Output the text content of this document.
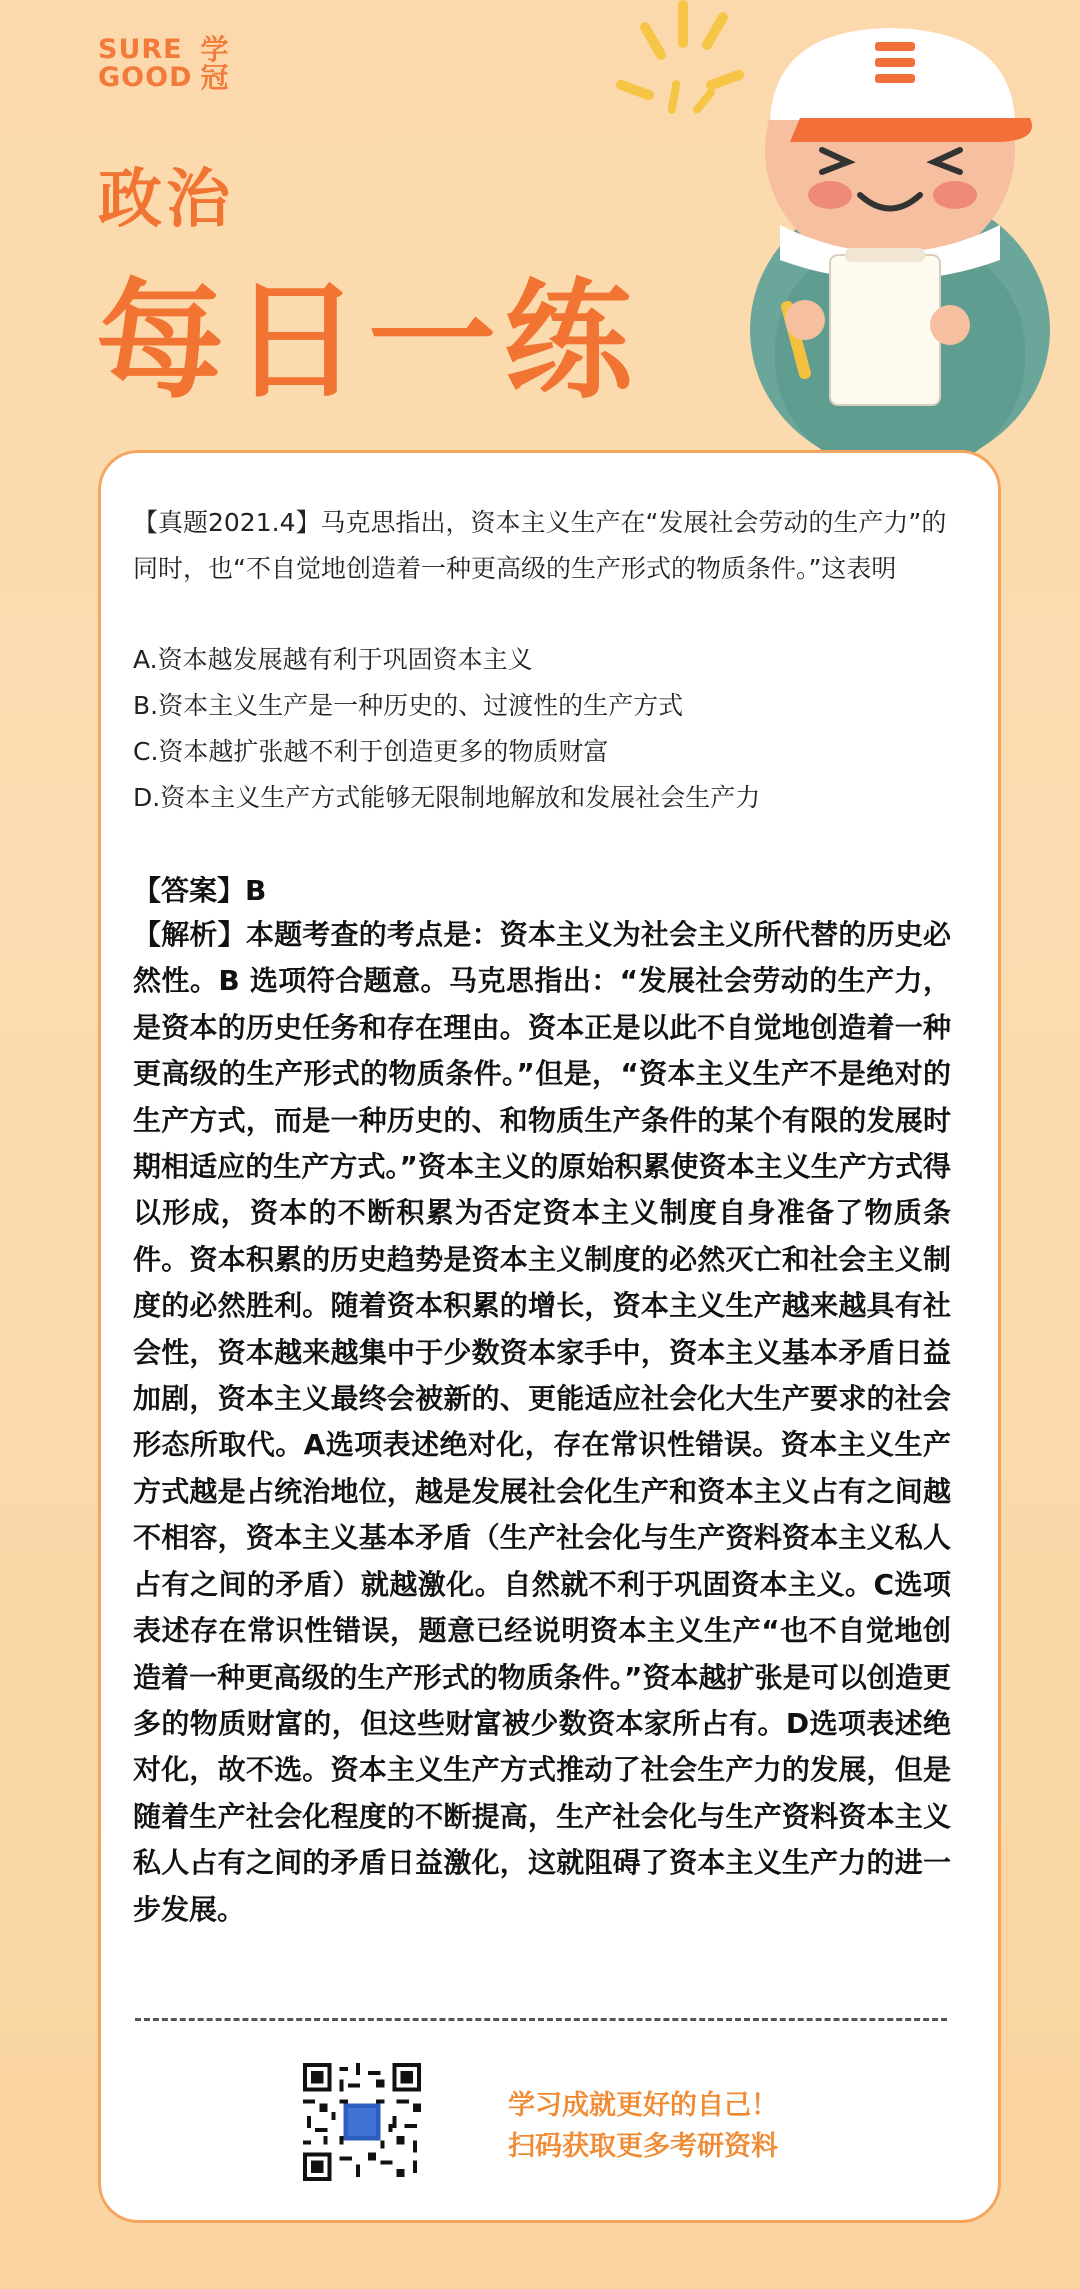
SURE
GOOD
学
冠
政治
每日一练
【真题2021.4】马克思指出，资本主义生产在“发展社会劳动的生产力”的同时，也“不自觉地创造着一种更高级的生产形式的物质条件。”这表明
A.资本越发展越有利于巩固资本主义
B.资本主义生产是一种历史的、过渡性的生产方式
C.资本越扩张越不利于创造更多的物质财富
D.资本主义生产方式能够无限制地解放和发展社会生产力
【答案】B
【解析】本题考查的考点是：资本主义为社会主义所代替的历史必然性。B 选项符合题意。马克思指出：“发展社会劳动的生产力，是资本的历史任务和存在理由。资本正是以此不自觉地创造着一种更高级的生产形式的物质条件。”但是，“资本主义生产不是绝对的生产方式，而是一种历史的、和物质生产条件的某个有限的发展时期相适应的生产方式。”资本主义的原始积累使资本主义生产方式得以形成，资本的不断积累为否定资本主义制度自身准备了物质条件。资本积累的历史趋势是资本主义制度的必然灭亡和社会主义制度的必然胜利。随着资本积累的增长，资本主义生产越来越具有社会性，资本越来越集中于少数资本家手中，资本主义基本矛盾日益加剧，资本主义最终会被新的、更能适应社会化大生产要求的社会形态所取代。A选项表述绝对化，存在常识性错误。资本主义生产方式越是占统治地位，越是发展社会化生产和资本主义占有之间越不相容，资本主义基本矛盾（生产社会化与生产资料资本主义私人占有之间的矛盾）就越激化。自然就不利于巩固资本主义。C选项表述存在常识性错误，题意已经说明资本主义生产“也不自觉地创造着一种更高级的生产形式的物质条件。”资本越扩张是可以创造更多的物质财富的，但这些财富被少数资本家所占有。D选项表述绝对化，故不选。资本主义生产方式推动了社会生产力的发展，但是随着生产社会化程度的不断提高，生产社会化与生产资料资本主义私人占有之间的矛盾日益激化，这就阻碍了资本主义生产力的进一步发展。
学习成就更好的自己！
扫码获取更多考研资料
